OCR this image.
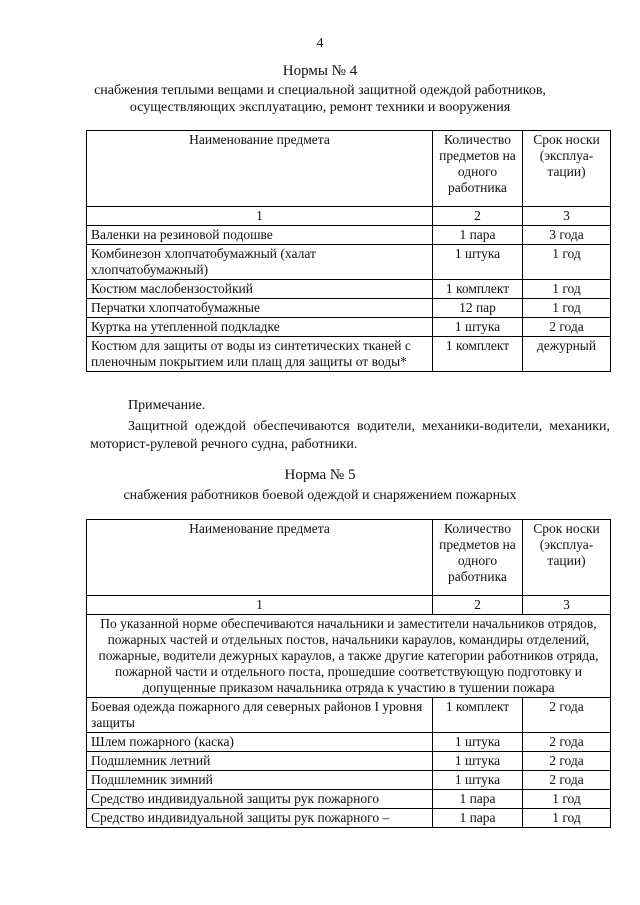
4
Нормы № 4
снабжения теплыми вещами и специальной защитной одеждой работников, осуществляющих эксплуатацию, ремонт техники и вооружения
Наименование предмета	Количество предметов на одного работника	Срок носки (эксплуа-тации)
1	2	3
Валенки на резиновой подошве	1 пара	3 года
Комбинезон хлопчатобумажный (халат хлопчатобумажный)	1 штука	1 год
Костюм маслобензостойкий	1 комплект	1 год
Перчатки хлопчатобумажные	12 пар	1 год
Куртка на утепленной подкладке	1 штука	2 года
Костюм для защиты от воды из синтетических тканей с пленочным покрытием или плащ для защиты от воды*	1 комплект	дежурный
Примечание.
Защитной одеждой обеспечиваются водители, механики-водители, механики, моторист-рулевой речного судна, работники.
Норма № 5
снабжения работников боевой одеждой и снаряжением пожарных
Наименование предмета	Количество предметов на одного работника	Срок носки (эксплуа-тации)
1	2	3
По указанной норме обеспечиваются начальники и заместители начальников отрядов, пожарных частей и отдельных постов, начальники караулов, командиры отделений, пожарные, водители дежурных караулов, а также другие категории работников отряда, пожарной части и отдельного поста, прошедшие соответствующую подготовку и допущенные приказом начальника отряда к участию в тушении пожара		
Боевая одежда пожарного для северных районов I уровня защиты	1 комплект	2 года
Шлем пожарного (каска)	1 штука	2 года
Подшлемник летний	1 штука	2 года
Подшлемник зимний	1 штука	2 года
Средство индивидуальной защиты рук пожарного	1 пара	1 год
Средство индивидуальной защиты рук пожарного –	1 пара	1 год
